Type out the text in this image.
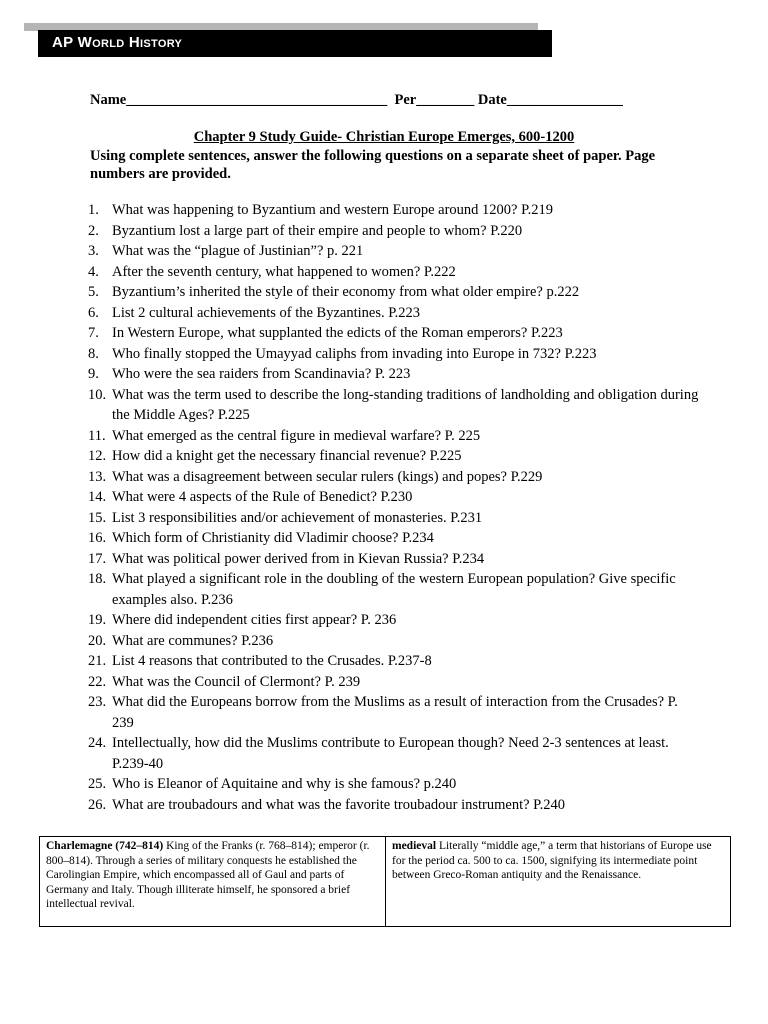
AP World History
Name____________________________________ Per________ Date________________
Chapter 9 Study Guide- Christian Europe Emerges, 600-1200
Using complete sentences, answer the following questions on a separate sheet of paper. Page numbers are provided.
1. What was happening to Byzantium and western Europe around 1200? P.219
2. Byzantium lost a large part of their empire and people to whom? P.220
3. What was the “plague of Justinian”? p. 221
4. After the seventh century, what happened to women? P.222
5. Byzantium’s inherited the style of their economy from what older empire? p.222
6. List 2 cultural achievements of the Byzantines. P.223
7. In Western Europe, what supplanted the edicts of the Roman emperors? P.223
8. Who finally stopped the Umayyad caliphs from invading into Europe in 732? P.223
9. Who were the sea raiders from Scandinavia? P. 223
10. What was the term used to describe the long-standing traditions of landholding and obligation during the Middle Ages? P.225
11. What emerged as the central figure in medieval warfare? P. 225
12. How did a knight get the necessary financial revenue? P.225
13. What was a disagreement between secular rulers (kings) and popes? P.229
14. What were 4 aspects of the Rule of Benedict? P.230
15. List 3 responsibilities and/or achievement of monasteries. P.231
16. Which form of Christianity did Vladimir choose? P.234
17. What was political power derived from in Kievan Russia? P.234
18. What played a significant role in the doubling of the western European population? Give specific examples also. P.236
19. Where did independent cities first appear? P. 236
20. What are communes? P.236
21. List 4 reasons that contributed to the Crusades. P.237-8
22. What was the Council of Clermont? P. 239
23. What did the Europeans borrow from the Muslims as a result of interaction from the Crusades? P. 239
24. Intellectually, how did the Muslims contribute to European though? Need 2-3 sentences at least. P.239-40
25. Who is Eleanor of Aquitaine and why is she famous? p.240
26. What are troubadours and what was the favorite troubadour instrument? P.240
Charlemagne (742–814) King of the Franks (r. 768–814); emperor (r. 800–814). Through a series of military conquests he established the Carolingian Empire, which encompassed all of Gaul and parts of Germany and Italy. Though illiterate himself, he sponsored a brief intellectual revival.
medieval Literally “middle age,” a term that historians of Europe use for the period ca. 500 to ca. 1500, signifying its intermediate point between Greco-Roman antiquity and the Renaissance.
